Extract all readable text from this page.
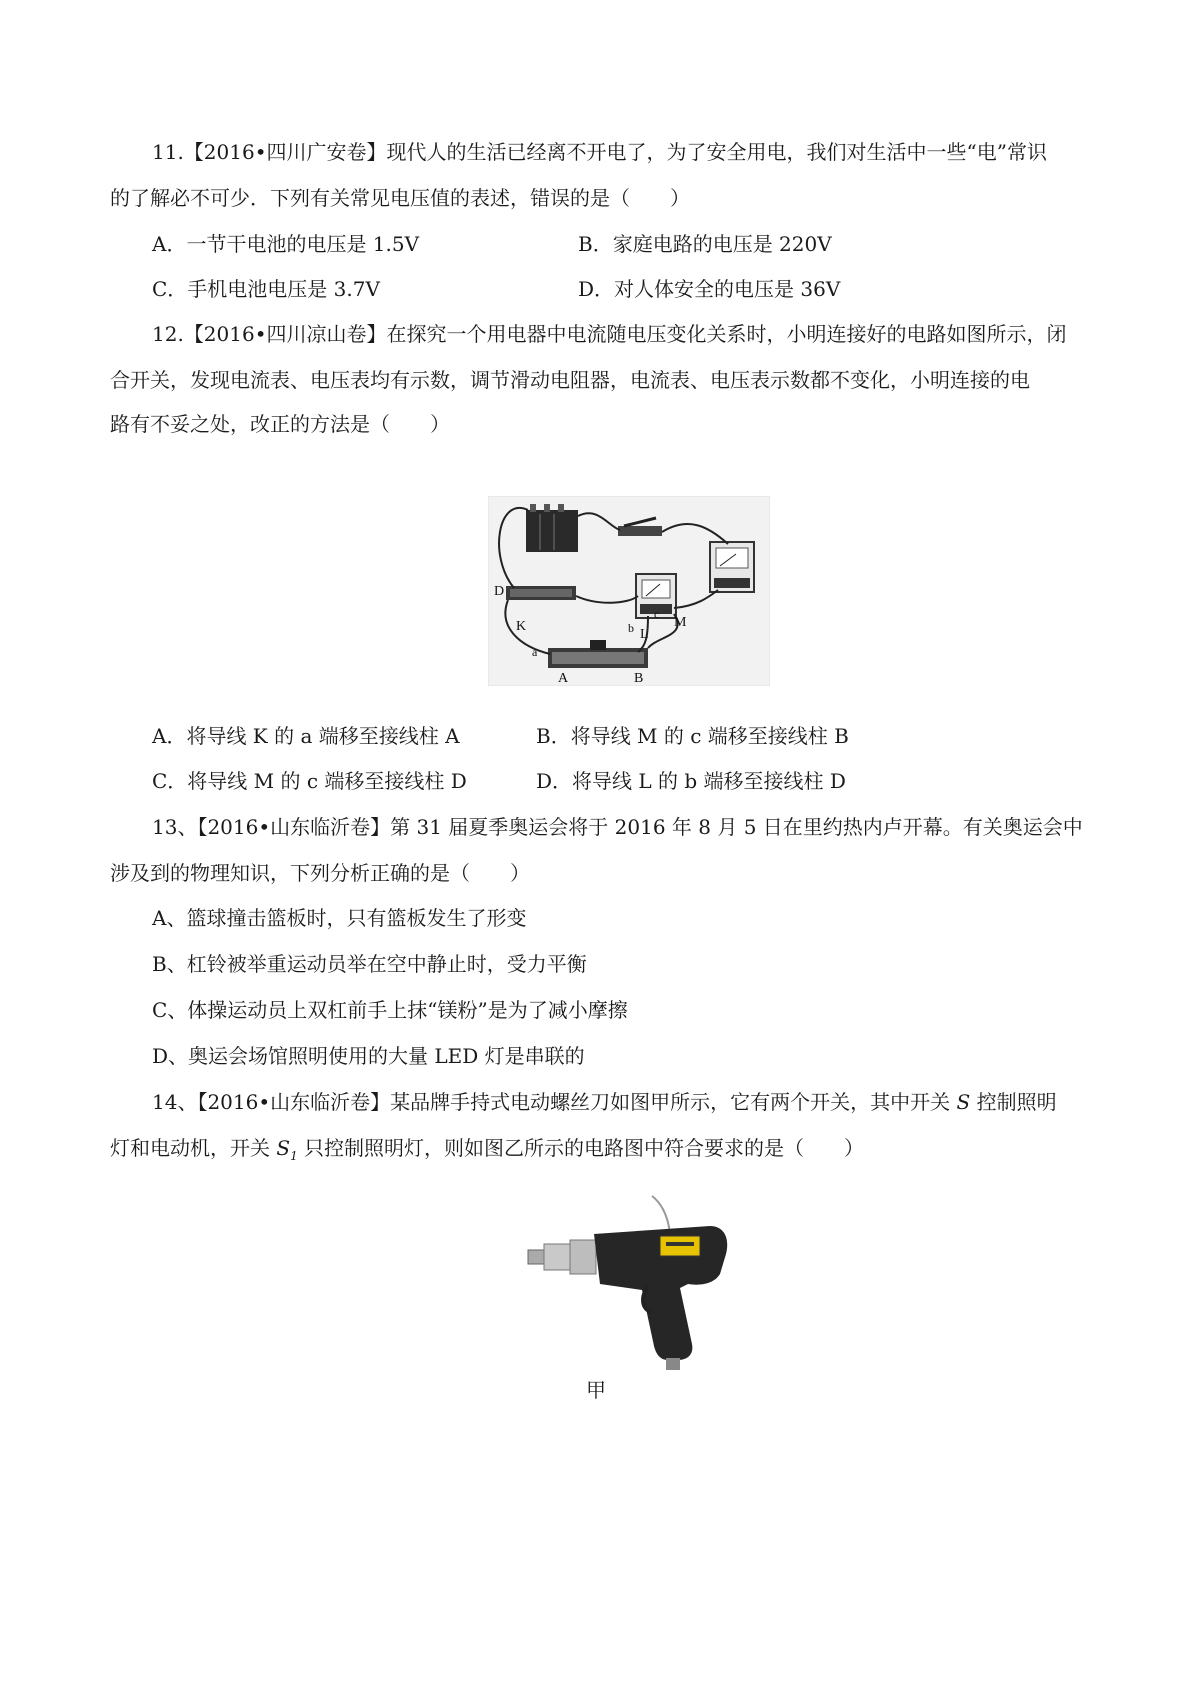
11.【2016•四川广安卷】现代人的生活已经离不开电了，为了安全用电，我们对生活中一些“电”常识
的了解必不可少．下列有关常见电压值的表述，错误的是（　　）
A．一节干电池的电压是 1.5V	B．家庭电路的电压是 220V
C．手机电池电压是 3.7V	D．对人体安全的电压是 36V
12.【2016•四川凉山卷】在探究一个用电器中电流随电压变化关系时，小明连接好的电路如图所示，闭
合开关，发现电流表、电压表均有示数，调节滑动电阻器，电流表、电压表示数都不变化，小明连接的电
路有不妥之处，改正的方法是（　　）
D
K
a
A	B
b L
c
M
A．将导线 K 的 a 端移至接线柱 A	B．将导线 M 的 c 端移至接线柱 B
C．将导线 M 的 c 端移至接线柱 D	D．将导线 L 的 b 端移至接线柱 D
13、【2016•山东临沂卷】第 31 届夏季奥运会将于 2016 年 8 月 5 日在里约热内卢开幕。有关奥运会中
涉及到的物理知识，下列分析正确的是（　　）
A、篮球撞击篮板时，只有篮板发生了形变
B、杠铃被举重运动员举在空中静止时，受力平衡
C、体操运动员上双杠前手上抹“镁粉”是为了减小摩擦
D、奥运会场馆照明使用的大量 LED 灯是串联的
14、【2016•山东临沂卷】某品牌手持式电动螺丝刀如图甲所示，它有两个开关，其中开关 S 控制照明
灯和电动机，开关 $S_1$ 只控制照明灯，则如图乙所示的电路图中符合要求的是（　　）
甲
